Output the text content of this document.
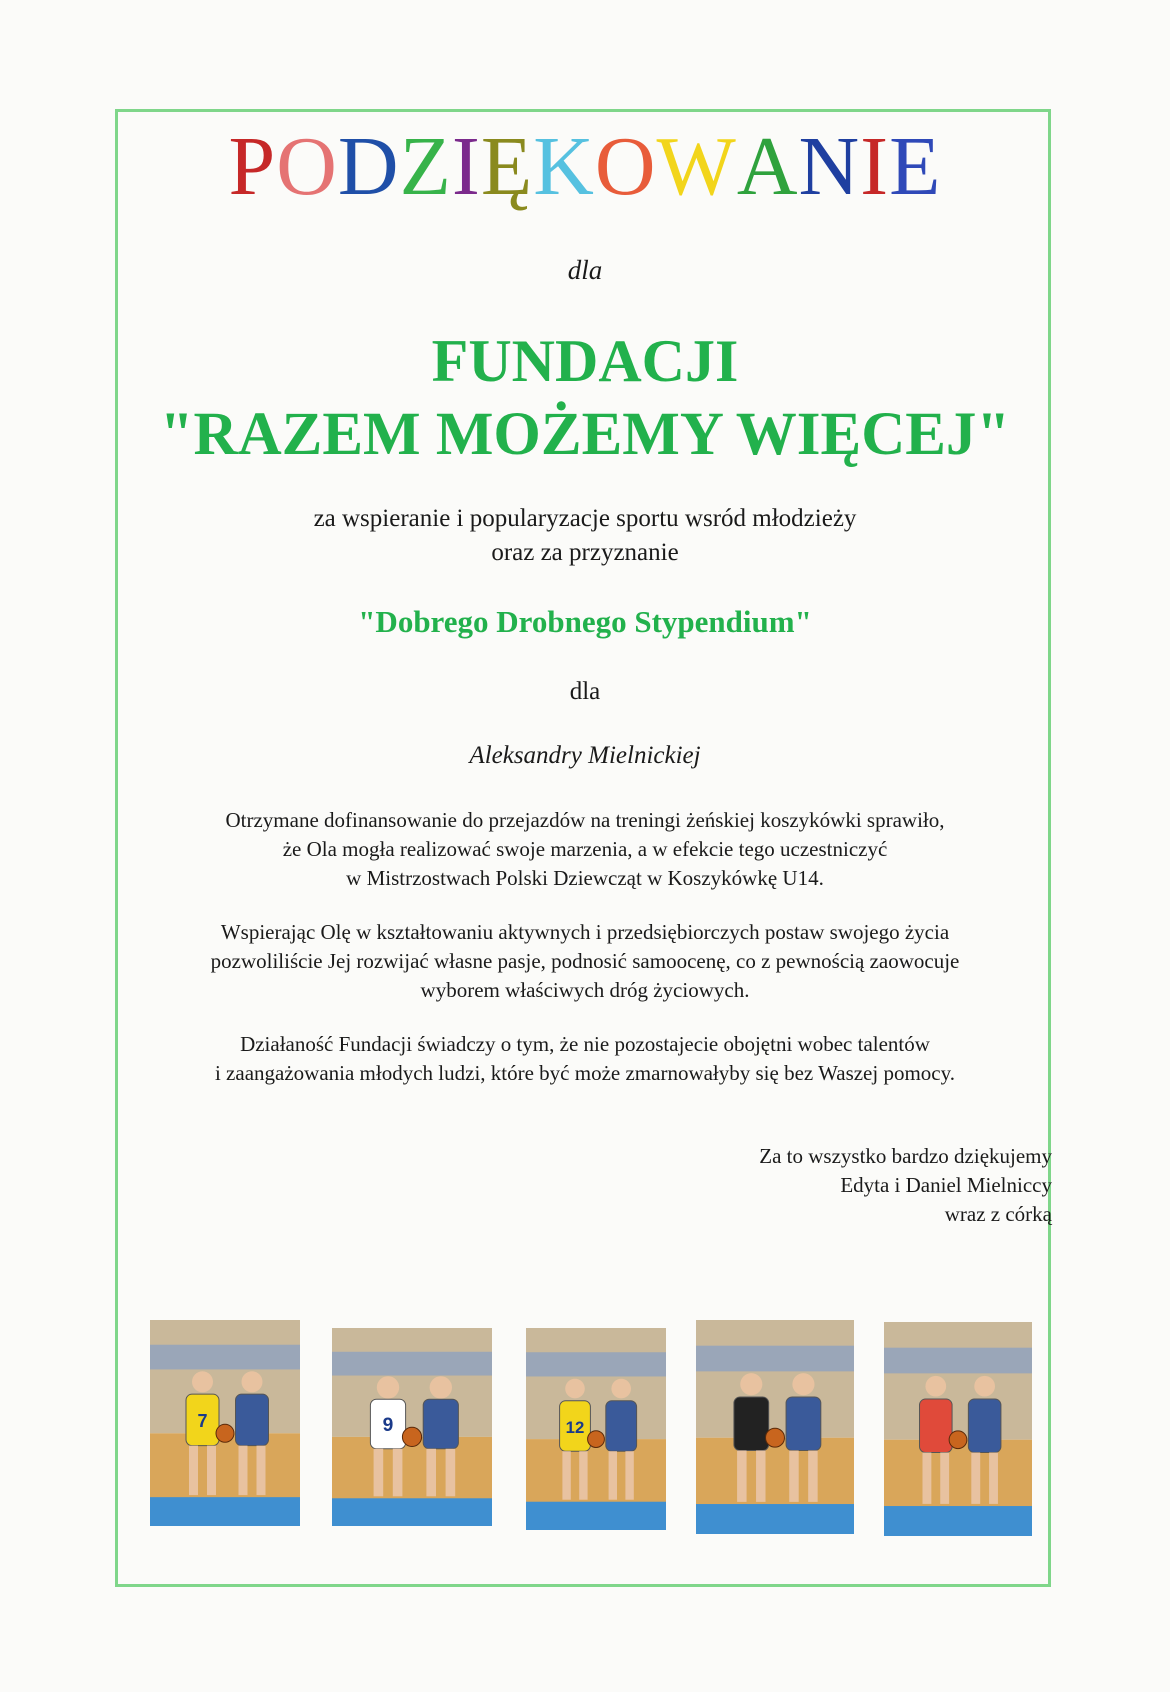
PODZIĘKOWANIE
dla
FUNDACJI
"RAZEM MOŻEMY WIĘCEJ"
za wspieranie i popularyzacje sportu wsród młodzieży
oraz za przyznanie
"Dobrego Drobnego Stypendium"
dla
Aleksandry Mielnickiej
Otrzymane dofinansowanie do przejazdów na treningi żeńskiej koszykówki sprawiło,
że Ola mogła realizować swoje marzenia, a w efekcie tego uczestniczyć
w Mistrzostwach Polski Dziewcząt w Koszykówkę U14.
Wspierając Olę w kształtowaniu aktywnych i przedsiębiorczych postaw swojego życia
pozwoliliście Jej rozwijać własne pasje, podnosić samoocenę, co z pewnością zaowocuje
wyborem właściwych dróg życiowych.
Działaność Fundacji świadczy o tym, że nie pozostajecie obojętni wobec talentów
i zaangażowania młodych ludzi, które być może zmarnowałyby się bez Waszej pomocy.
Za to wszystko bardzo dziękujemy
Edyta i Daniel Mielniccy
wraz z córką
7	9	12
